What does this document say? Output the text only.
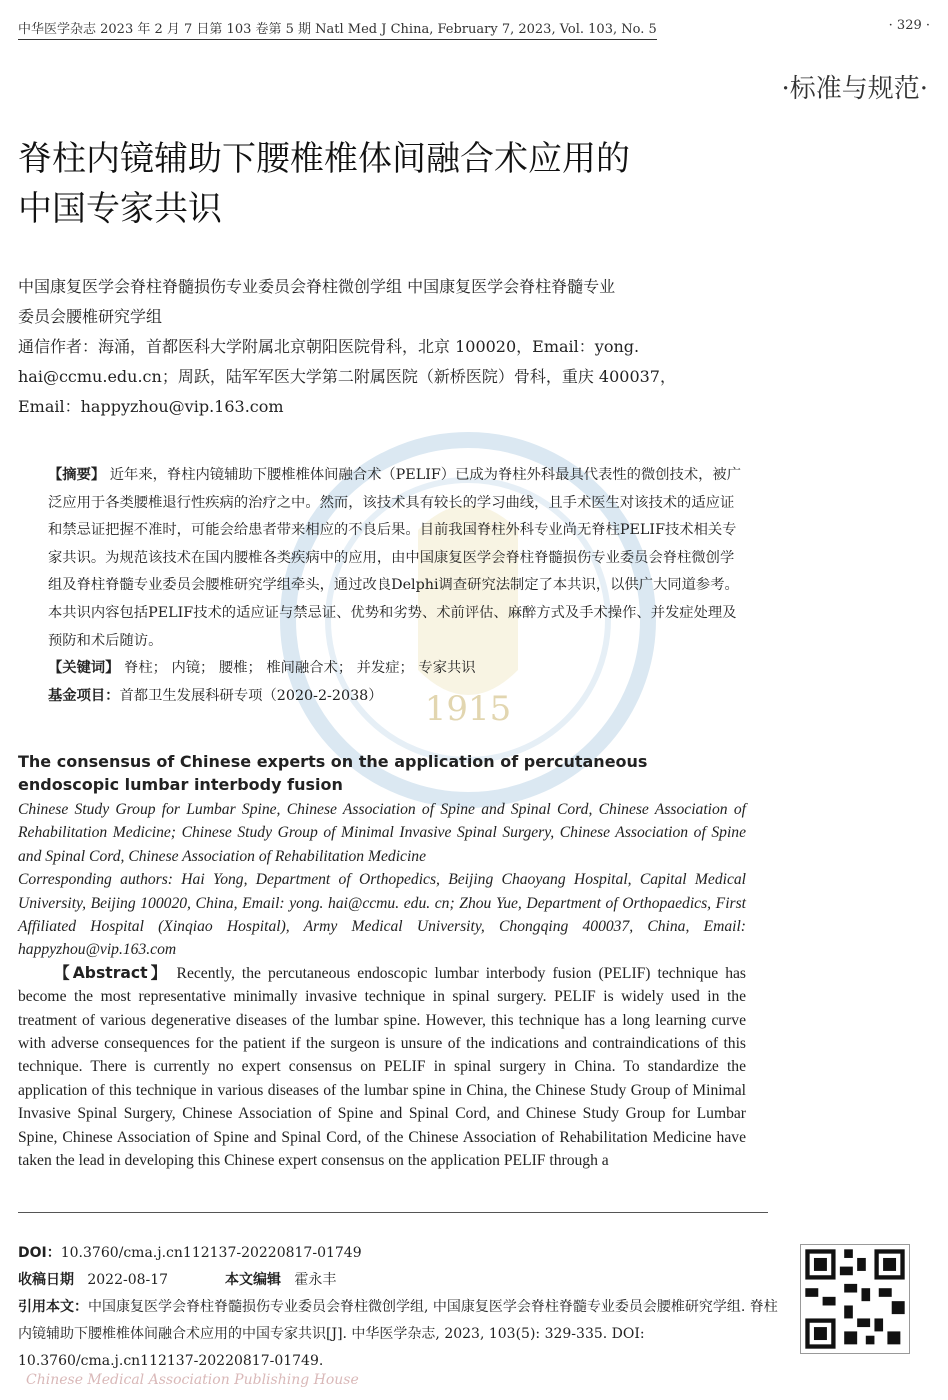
中华医学杂志 2023 年 2 月 7 日第 103 卷第 5 期 Natl Med J China, February 7, 2023, Vol. 103, No. 5	· 329 ·
·标准与规范·
脊柱内镜辅助下腰椎椎体间融合术应用的
中国专家共识

中国康复医学会脊柱脊髓损伤专业委员会脊柱微创学组 中国康复医学会脊柱脊髓专业

委员会腰椎研究学组

通信作者：海涌，首都医科大学附属北京朝阳医院骨科，北京 100020，Email：yong.

hai@ccmu.edu.cn；周跃，陆军军医大学第二附属医院（新桥医院）骨科，重庆 400037，

Email：happyzhou@vip.163.com

1915

【摘要】 近年来，脊柱内镜辅助下腰椎椎体间融合术（PELIF）已成为脊柱外科最具代表性的微创技术，被广泛应用于各类腰椎退行性疾病的治疗之中。然而，该技术具有较长的学习曲线，且手术医生对该技术的适应证和禁忌证把握不准时，可能会给患者带来相应的不良后果。目前我国脊柱外科专业尚无脊柱PELIF技术相关专家共识。为规范该技术在国内腰椎各类疾病中的应用，由中国康复医学会脊柱脊髓损伤专业委员会脊柱微创学组及脊柱脊髓专业委员会腰椎研究学组牵头，通过改良Delphi调查研究法制定了本共识，以供广大同道参考。本共识内容包括PELIF技术的适应证与禁忌证、优势和劣势、术前评估、麻醉方式及手术操作、并发症处理及预防和术后随访。

【关键词】 脊柱； 内镜； 腰椎； 椎间融合术； 并发症； 专家共识

基金项目：首都卫生发展科研专项（2020-2-2038）

The consensus of Chinese experts on the application of percutaneous endoscopic lumbar interbody fusion

Chinese Study Group for Lumbar Spine, Chinese Association of Spine and Spinal Cord, Chinese Association of Rehabilitation Medicine; Chinese Study Group of Minimal Invasive Spinal Surgery, Chinese Association of Spine and Spinal Cord, Chinese Association of Rehabilitation Medicine

Corresponding authors: Hai Yong, Department of Orthopedics, Beijing Chaoyang Hospital, Capital Medical University, Beijing 100020, China, Email: yong. hai@ccmu. edu. cn; Zhou Yue, Department of Orthopaedics, First Affiliated Hospital (Xinqiao Hospital), Army Medical University, Chongqing 400037, China, Email: happyzhou@vip.163.com

【Abstract】 Recently, the percutaneous endoscopic lumbar interbody fusion (PELIF) technique has become the most representative minimally invasive technique in spinal surgery. PELIF is widely used in the treatment of various degenerative diseases of the lumbar spine. However, this technique has a long learning curve with adverse consequences for the patient if the surgeon is unsure of the indications and contraindications of this technique. There is currently no expert consensus on PELIF in spinal surgery in China. To standardize the application of this technique in various diseases of the lumbar spine in China, the Chinese Study Group of Minimal Invasive Spinal Surgery, Chinese Association of Spine and Spinal Cord, and Chinese Study Group for Lumbar Spine, Chinese Association of Spine and Spinal Cord, of the Chinese Association of Rehabilitation Medicine have taken the lead in developing this Chinese expert consensus on the application PELIF through a

DOI：10.3760/cma.j.cn112137-20220817-01749

收稿日期 2022-08-17	本文编辑 霍永丰

引用本文：中国康复医学会脊柱脊髓损伤专业委员会脊柱微创学组, 中国康复医学会脊柱脊髓专业委员会腰椎研究学组. 脊柱内镜辅助下腰椎椎体间融合术应用的中国专家共识[J]. 中华医学杂志, 2023, 103(5): 329-335. DOI: 10.3760/cma.j.cn112137-20220817-01749.

Chinese Medical Association Publishing House
